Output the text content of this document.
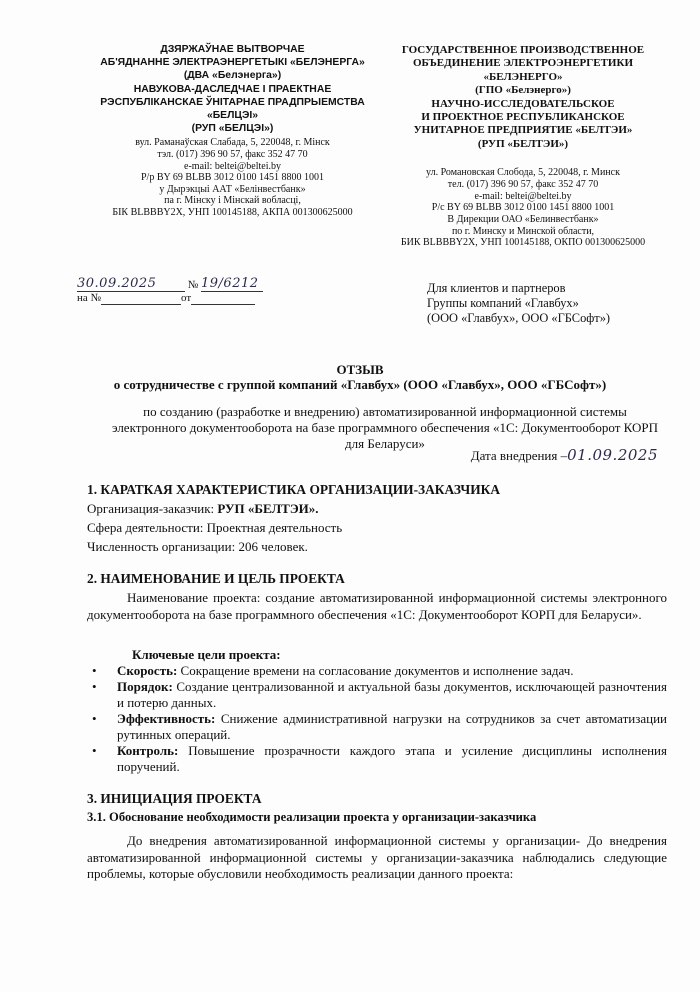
ДЗЯРЖАЎНАЕ ВЫТВОРЧАЕ
АБ'ЯДНАННЕ ЭЛЕКТРАЭНЕРГЕТЫКІ «БЕЛЭНЕРГА»
(ДВА «Белэнерга»)
НАВУКОВА-ДАСЛЕДЧАЕ І ПРАЕКТНАЕ
РЭСПУБЛІКАНСКАЕ ЎНІТАРНАЕ ПРАДПРЫЕМСТВА
«БЕЛЦЭІ»
(РУП «БЕЛЦЭІ»)
вул. Раманаўская Слабада, 5, 220048, г. Мінск
тэл. (017) 396 90 57, факс 352 47 70
e-mail: beltei@beltei.by
Р/р BY 69 BLBB 3012 0100 1451 8800 1001
у Дырэкцыі ААТ «Белінвестбанк»
па г. Мінску і Мінскай вобласці,
БІК BLBBBY2X, УНП 100145188, АКПА 001300625000
ГОСУДАРСТВЕННОЕ ПРОИЗВОДСТВЕННОЕ
ОБЪЕДИНЕНИЕ ЭЛЕКТРОЭНЕРГЕТИКИ
«БЕЛЭНЕРГО»
(ГПО «Белэнерго»)
НАУЧНО-ИССЛЕДОВАТЕЛЬСКОЕ
И ПРОЕКТНОЕ РЕСПУБЛИКАНСКОЕ
УНИТАРНОЕ ПРЕДПРИЯТИЕ «БЕЛТЭИ»
(РУП «БЕЛТЭИ»)
ул. Романовская Слобода, 5, 220048, г. Минск
тел. (017) 396 90 57, факс 352 47 70
e-mail: beltei@beltei.by
Р/с BY 69 BLBB 3012 0100 1451 8800 1001
В Дирекции ОАО «Белинвестбанк»
по г. Минску и Минской области,
БИК BLBBBY2X, УНП 100145188, ОКПО 001300625000
30.09.2025	№ 19/6212
на №	от
Для клиентов и партнеров
Группы компаний «Главбух»
(ООО «Главбух», ООО «ГБСофт»)
ОТЗЫВ
о сотрудничестве с группой компаний «Главбух» (ООО «Главбух», ООО «ГБСофт»)
по созданию (разработке и внедрению) автоматизированной информационной системы электронного документооборота на базе программного обеспечения «1С: Документооборот КОРП для Беларуси»
Дата внедрения –01.09.2025
1. КАРАТКАЯ ХАРАКТЕРИСТИКА ОРГАНИЗАЦИИ-ЗАКАЗЧИКА
Организация-заказчик: РУП «БЕЛТЭИ».
Сфера деятельности: Проектная деятельность
Численность организации: 206 человек.
2. НАИМЕНОВАНИЕ И ЦЕЛЬ ПРОЕКТА
Наименование проекта: создание автоматизированной информационной системы электронного документооборота на базе программного обеспечения «1С: Документооборот КОРП для Беларуси».
Ключевые цели проекта:
• Скорость: Сокращение времени на согласование документов и исполнение задач.
• Порядок: Создание централизованной и актуальной базы документов, исключающей разночтения и потерю данных.
• Эффективность: Снижение административной нагрузки на сотрудников за счет автоматизации рутинных операций.
• Контроль: Повышение прозрачности каждого этапа и усиление дисциплины исполнения поручений.
3. ИНИЦИАЦИЯ ПРОЕКТА
3.1. Обоснование необходимости реализации проекта у организации-заказчика
До внедрения автоматизированной информационной системы у организации- До внедрения автоматизированной информационной системы у организации-заказчика наблюдались следующие проблемы, которые обусловили необходимость реализации данного проекта:
